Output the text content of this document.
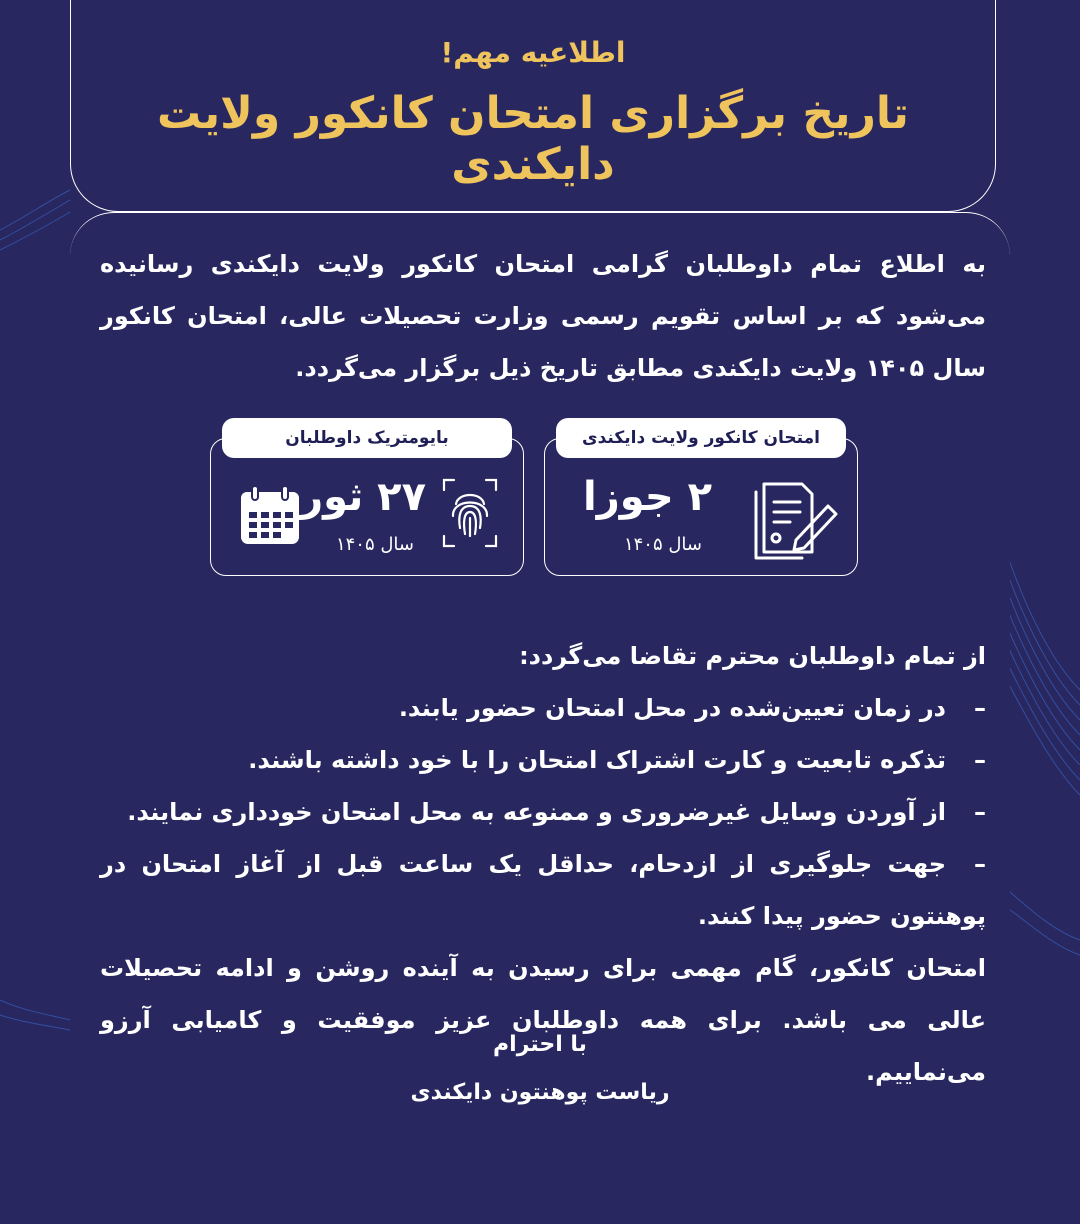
اطلاعیه مهم!
تاریخ برگزاری امتحان کانکور ولایت دایکندی
به اطلاع تمام داوطلبان گرامی امتحان کانکور ولایت دایکندی رسانیده می‌شود که بر اساس تقویم رسمی وزارت تحصیلات عالی، امتحان کانکور سال ۱۴۰۵ ولایت دایکندی مطابق تاریخ ذیل برگزار می‌گردد.
امتحان کانکور ولایت دایکندی
۲ جوزا
سال ۱۴۰۵
بایومتریک داوطلبان
۲۷ ثور
سال ۱۴۰۵
از تمام داوطلبان محترم تقاضا می‌گردد:
–در زمان تعیین‌شده در محل امتحان حضور یابند.
–تذکره تابعیت و کارت اشتراک امتحان را با خود داشته باشند.
–از آوردن وسایل غیرضروری و ممنوعه به محل امتحان خودداری نمایند.
–جهت جلوگیری از ازدحام، حداقل یک ساعت قبل از آغاز امتحان در پوهنتون حضور پیدا کنند.
امتحان کانکور، گام مهمی برای رسیدن به آینده روشن و ادامه تحصیلات عالی می باشد. برای همه داوطلبان عزیز موفقیت و کامیابی آرزو می‌نماییم.
با احترام
ریاست پوهنتون دایکندی
